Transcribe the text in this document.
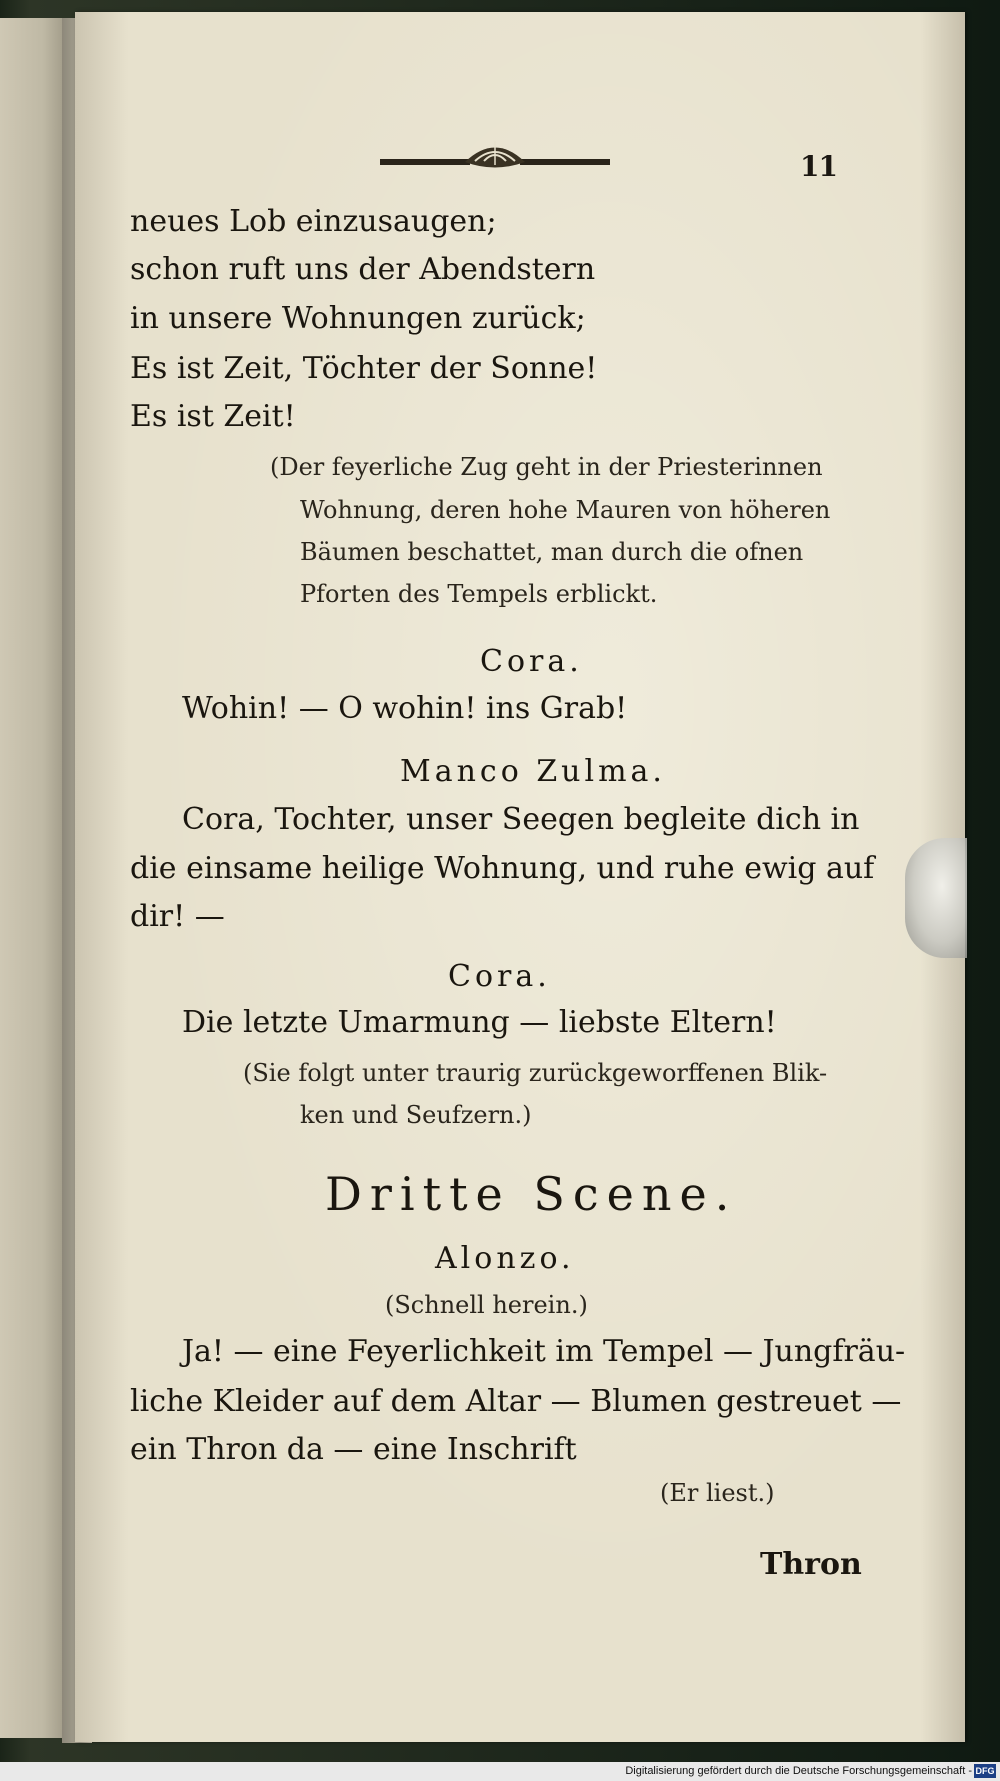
11
neues Lob einzusaugen;
schon ruft uns der Abendstern
in unsere Wohnungen zurück;
Es ist Zeit, Töchter der Sonne!
Es ist Zeit!
(Der feyerliche Zug geht in der Priesterinnen
Wohnung, deren hohe Mauren von höheren
Bäumen beschattet, man durch die ofnen
Pforten des Tempels erblickt.
Cora.
Wohin! — O wohin! ins Grab!
Manco Zulma.
Cora, Tochter, unser Seegen begleite dich in
die einsame heilige Wohnung, und ruhe ewig auf
dir! —
Cora.
Die letzte Umarmung — liebste Eltern!
(Sie folgt unter traurig zurückgeworffenen Blik-
ken und Seufzern.)
Dritte Scene.
Alonzo.
(Schnell herein.)
Ja! — eine Feyerlichkeit im Tempel — Jungfräu-
liche Kleider auf dem Altar — Blumen gestreuet —
ein Thron da — eine Inschrift
(Er liest.)
Thron
Digitalisierung gefördert durch die Deutsche Forschungsgemeinschaft - DFG
